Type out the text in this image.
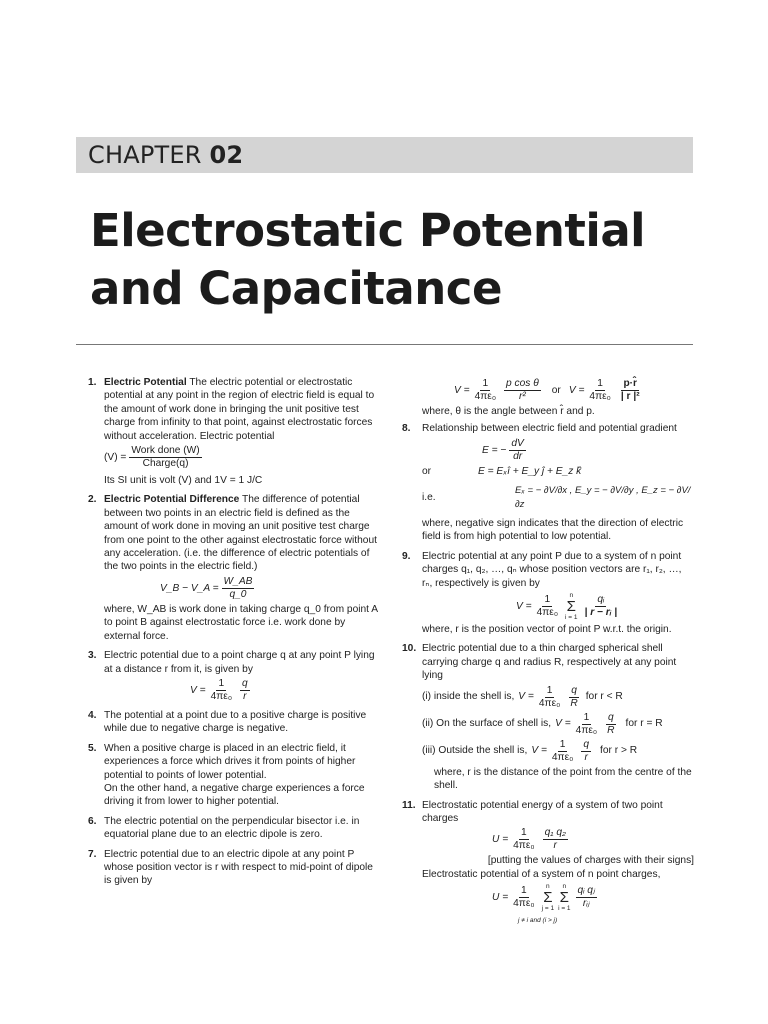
CHAPTER 02
Electrostatic Potential
and Capacitance
1. Electric Potential The electric potential or electrostatic potential at any point in the region of electric field is equal to the amount of work done in bringing the unit positive test charge from infinity to that point, against electrostatic forces without acceleration. Electric potential

$(V) = \frac{\text{Work done (W)}}{\text{Charge(q)}}$

Its SI unit is volt (V) and 1V = 1 J/C

2. Electric Potential Difference The difference of potential between two points in an electric field is defined as the amount of work done in moving an unit positive test charge from one point to the other against electrostatic force without any acceleration. (i.e. the difference of electric potentials of the two points in the electric field.)

V_B − V_A = $\frac{W\_AB}{q\_0}$

where, W_AB is work done in taking charge q_0 from point A to point B against electrostatic force i.e. work done by external force.

3. Electric potential due to a point charge q at any point P lying at a distance r from it, is given by

$V = \frac{1}{\text{4πε₀}} \frac{q}{r}$
4. The potential at a point due to a positive charge is positive while due to negative charge is negative.

5. When a positive charge is placed in an electric field, it experiences a force which drives it from points of higher potential to points of lower potential.

On the other hand, a negative charge experiences a force driving it from lower to higher potential.

6. The electric potential on the perpendicular bisector i.e. in equatorial plane due to an electric dipole is zero.

7. Electric potential due to an electric dipole at any point P whose position vector is r with respect to mid-point of dipole is given by

$V = \frac{1}{\text{4πε₀}} \frac{\text{p cos θ}}{\text{r²}}$ or $V = \frac{1}{\text{4πε₀}} \frac{p\cdot r̂}{\text{| r |²}}$

where, θ is the angle between r̂ and p.

8. Relationship between electric field and potential gradient

E = − $\frac{dV}{dr}$
or	E = Eₓî + E_y ĵ + E_z k̂
i.e.
Eₓ = − ∂V/∂x , E_y = − ∂V/∂y , E_z = − ∂V/∂z

where, negative sign indicates that the direction of electric field is from high potential to low potential.

9. Electric potential at any point P due to a system of n point charges q₁, q₂, …, qₙ whose position vectors are r₁, r₂, …, rₙ, respectively is given by

$V = \frac{1}{\text{4πε₀}}$ n
Σ
$i = 1 \frac{\text{qᵢ}}{\text{| r − rᵢ |}}$

where, r is the position vector of point P w.r.t. the origin.

10. Electric potential due to a thin charged spherical shell carrying charge q and radius R, respectively at any point lying

(i) inside the shell is, $V = \frac{1}{\text{4πε₀}} \frac{q}{R}$ for r < R
(ii) On the surface of shell is, $V = \frac{1}{\text{4πε₀}} \frac{q}{R}$ for r = R
(iii) Outside the shell is, $V = \frac{1}{\text{4πε₀}} \frac{q}{r}$ for r > R

where, r is the distance of the point from the centre of the shell.

11. Electrostatic potential energy of a system of two point charges

$U = \frac{1}{\text{4πε₀}} \frac{\text{q₁ q₂}}{r}$

[putting the values of charges with their signs]

Electrostatic potential of a system of n point charges,

$U = \frac{1}{\text{4πε₀}}$ n
Σ
j = 1
n
Σ
$i = 1 \frac{\text{qᵢ qⱼ}}{\text{rᵢⱼ}}$
j ≠ i and (i > j)
